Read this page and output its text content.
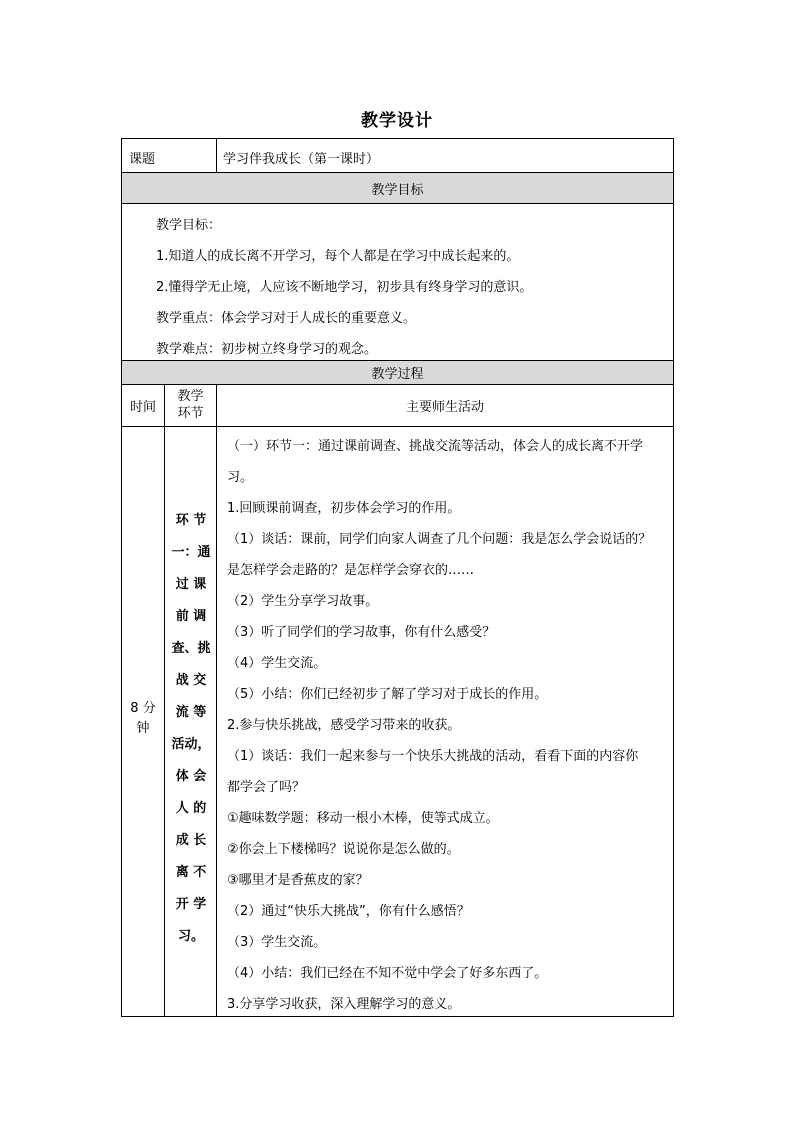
教学设计
课题	学习伴我成长（第一课时）
教学目标
教学目标：
1.知道人的成长离不开学习，每个人都是在学习中成长起来的。
2.懂得学无止境，人应该不断地学习，初步具有终身学习的意识。
教学重点：体会学习对于人成长的重要意义。
教学难点：初步树立终身学习的观念。
教学过程
时间
教学
环节	主要师生活动
8 分
钟
环 节
一：通
过 课
前 调
查、挑
战 交
流 等
活动，
体 会
人 的
成 长
离 不
开 学
习。
（一）环节一：通过课前调查、挑战交流等活动，体会人的成长离不开学
习。
1.回顾课前调查，初步体会学习的作用。
（1）谈话：课前，同学们向家人调查了几个问题：我是怎么学会说话的？
是怎样学会走路的？是怎样学会穿衣的……
（2）学生分享学习故事。
（3）听了同学们的学习故事，你有什么感受？
（4）学生交流。
（5）小结：你们已经初步了解了学习对于成长的作用。
2.参与快乐挑战，感受学习带来的收获。
（1）谈话：我们一起来参与一个快乐大挑战的活动，看看下面的内容你
都学会了吗？
①趣味数学题：移动一根小木棒，使等式成立。
②你会上下楼梯吗？说说你是怎么做的。
③哪里才是香蕉皮的家？
（2）通过“快乐大挑战”，你有什么感悟？
（3）学生交流。
（4）小结：我们已经在不知不觉中学会了好多东西了。
3.分享学习收获，深入理解学习的意义。
